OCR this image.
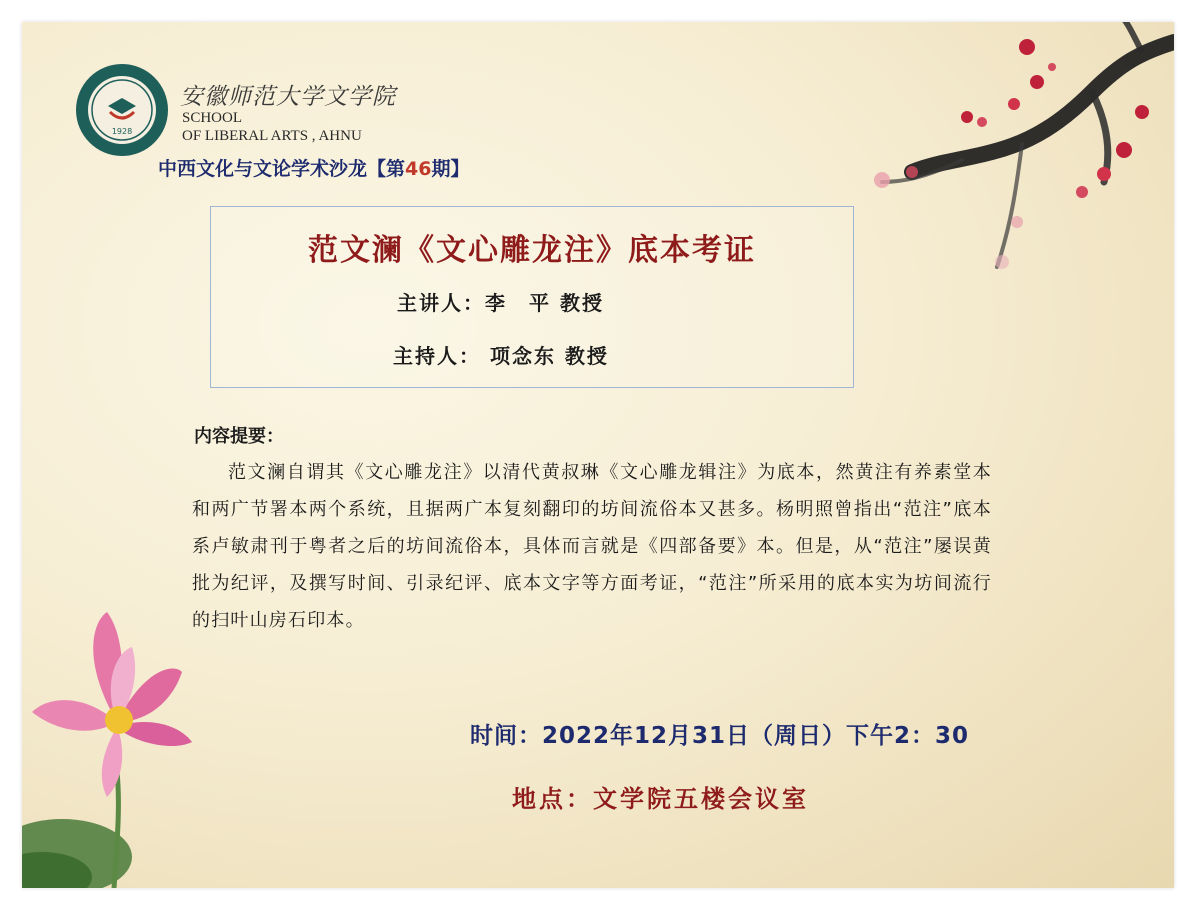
1928
安徽师范大学文学院
SCHOOL
OF LIBERAL ARTS , AHNU
中西文化与文论学术沙龙【第46期】
范文澜《文心雕龙注》底本考证
主讲人：李　平 教授
主持人： 项念东 教授
内容提要：
范文澜自谓其《文心雕龙注》以清代黄叔琳《文心雕龙辑注》为底本，然黄注有养素堂本和两广节署本两个系统，且据两广本复刻翻印的坊间流俗本又甚多。杨明照曾指出“范注”底本系卢敏肃刊于粤者之后的坊间流俗本，具体而言就是《四部备要》本。但是，从“范注”屡误黄批为纪评，及撰写时间、引录纪评、底本文字等方面考证，“范注”所采用的底本实为坊间流行的扫叶山房石印本。
时间：2022年12月31日（周日）下午2：30
地点：文学院五楼会议室
